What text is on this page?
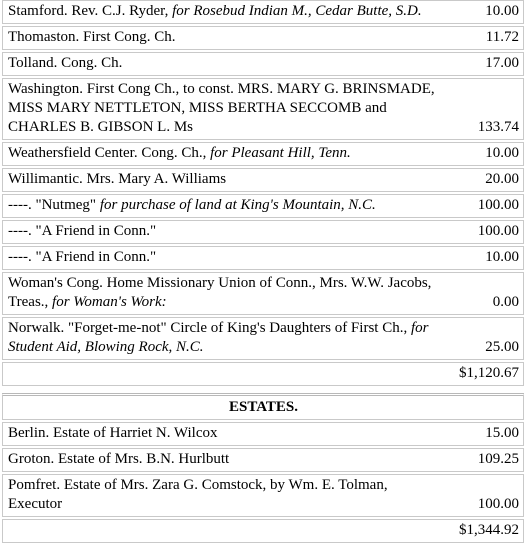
Stamford. Rev. C.J. Ryder, for Rosebud Indian M., Cedar Butte, S.D.	10.00
Thomaston. First Cong. Ch.	11.72
Tolland. Cong. Ch.	17.00
Washington. First Cong Ch., to const. MRS. MARY G. BRINSMADE, MISS MARY NETTLETON, MISS BERTHA SECCOMB and CHARLES B. GIBSON L. Ms	133.74
Weathersfield Center. Cong. Ch., for Pleasant Hill, Tenn.	10.00
Willimantic. Mrs. Mary A. Williams	20.00
----. "Nutmeg" for purchase of land at King's Mountain, N.C.	100.00
----. "A Friend in Conn."	100.00
----. "A Friend in Conn."	10.00
Woman's Cong. Home Missionary Union of Conn., Mrs. W.W. Jacobs, Treas., for Woman's Work:	0.00
Norwalk. "Forget-me-not" Circle of King's Daughters of First Ch., for Student Aid, Blowing Rock, N.C.	25.00
	$1,120.67

ESTATES.	
Berlin. Estate of Harriet N. Wilcox	15.00
Groton. Estate of Mrs. B.N. Hurlbutt	109.25
Pomfret. Estate of Mrs. Zara G. Comstock, by Wm. E. Tolman, Executor	100.00
	$1,344.92
